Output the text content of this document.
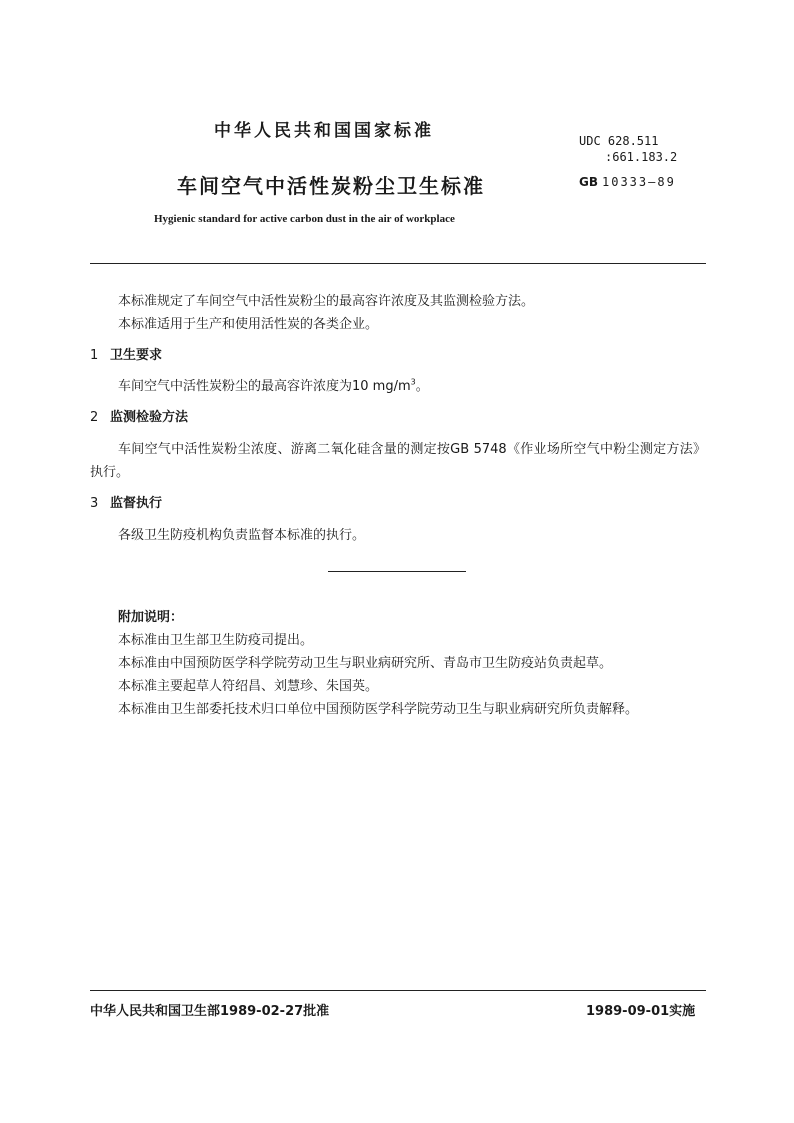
中华人民共和国国家标准	UDC 628.511
:661.183.2
车间空气中活性炭粉尘卫生标准	GB 10333—89
Hygienic standard for active carbon dust in the air of workplace
本标准规定了车间空气中活性炭粉尘的最高容许浓度及其监测检验方法。
本标准适用于生产和使用活性炭的各类企业。
1 卫生要求
车间空气中活性炭粉尘的最高容许浓度为10 $mg/m^3$。
2 监测检验方法
车间空气中活性炭粉尘浓度、游离二氧化硅含量的测定按GB 5748《作业场所空气中粉尘测定方法》执行。
3 监督执行
各级卫生防疫机构负责监督本标准的执行。
附加说明：
本标准由卫生部卫生防疫司提出。
本标准由中国预防医学科学院劳动卫生与职业病研究所、青岛市卫生防疫站负责起草。
本标准主要起草人符绍昌、刘慧珍、朱国英。
本标准由卫生部委托技术归口单位中国预防医学科学院劳动卫生与职业病研究所负责解释。
中华人民共和国卫生部1989-02-27批准	1989-09-01实施
